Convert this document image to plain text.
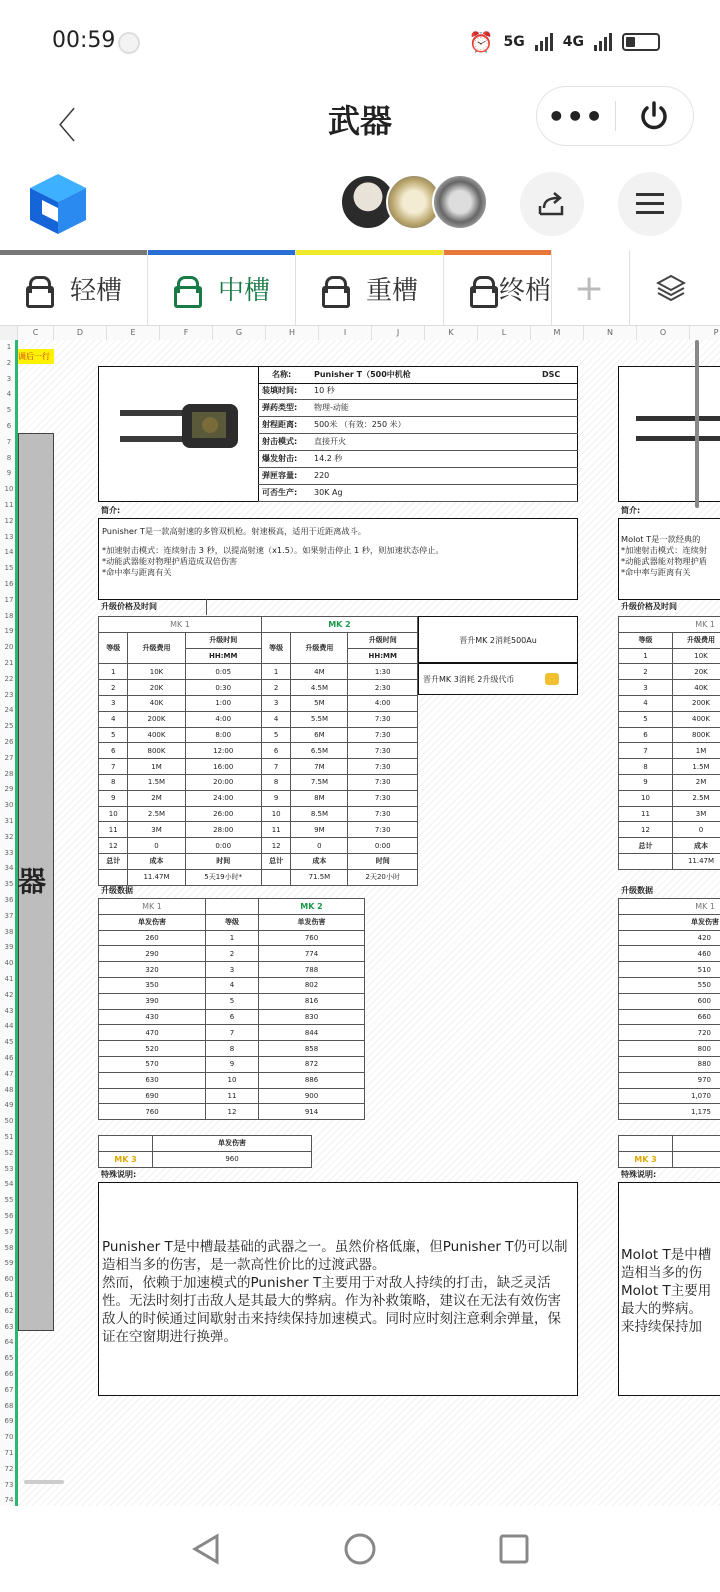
00:59	⏰ 5G	4G
〈	武器	•••
轻槽	中槽	重槽	终梢 +
C	D	E	F	G	H	I	J	K	L	M	N	O	P
1
2
3
4
5
6
7
8
9
10
11
12
13
14
15
16
17
18
19
20
21
22
23
24
25
26
27
28
29
30
31
32
33
34
35
36
37
38
39
40
41
42
43
44
45
46
47
48
49
50
51
52
53
54
55
56
57
58
59
60
61
62
63
64
65
66
67
68
69
70
71
72
73
74
调后一行
器
名称:	Punisher T（500中机枪	DSC
装填时间: 10 秒
弹药类型: 物理-动能
射程距离: 500米 （有效：250 米）
射击模式: 直接开火
爆发射击: 14.2 秒
弹匣容量: 220
可否生产: 30K Ag
简介:
Punisher T是一款高射速的多管双机枪。射速极高，适用于近距离战斗。
*加速射击模式：连续射击 3 秒，以提高射速（x1.5）。如果射击停止 1 秒，则加速状态停止。
*动能武器能对物理护盾造成双倍伤害
*命中率与距离有关
升级价格及时间
MK 1			MK 2		
等级	升级费用	升级时间	等级	升级费用	升级时间
		HH:MM			HH:MM
1	10K	0:05	1	4M	1:30
2	20K	0:30	2	4.5M	2:30
3	40K	1:00	3	5M	4:00
4	200K	4:00	4	5.5M	7:30
5	400K	8:00	5	6M	7:30
6	800K	12:00	6	6.5M	7:30
7	1M	16:00	7	7M	7:30
8	1.5M	20:00	8	7.5M	7:30
9	2M	24:00	9	8M	7:30
10	2.5M	26:00	10	8.5M	7:30
11	3M	28:00	11	9M	7:30
12	0	0:00	12	0	0:00
总计	成本	时间	总计	成本	时间
	11.47M	5天19小时*		71.5M	2天20小时
晋升MK 2消耗500Au
晋升MK 3消耗 2升级代币
升级数据
MK 1		MK 2
单发伤害	等级	单发伤害
260	1	760
290	2	774
320	3	788
350	4	802
390	5	816
430	6	830
470	7	844
520	8	858
570	9	872
630	10	886
690	11	900
760	12	914
	单发伤害
MK 3	960
特殊说明:
Punisher T是中槽最基础的武器之一。虽然价格低廉，但Punisher T仍可以制造相当多的伤害，是一款高性价比的过渡武器。
然而，依赖于加速模式的Punisher T主要用于对敌人持续的打击，缺乏灵活性。无法时刻打击敌人是其最大的弊病。作为补救策略，建议在无法有效伤害敌人的时候通过间歇射击来持续保持加速模式。同时应时刻注意剩余弹量，保证在空窗期进行换弹。
简介:
Molot T是一款经典的
*加速射击模式：连续射
*动能武器能对物理护盾
*命中率与距离有关
升级价格及时间
MK 1	
等级	升级费用

1	10K
2	20K
3	40K
4	200K
5	400K
6	800K
7	1M
8	1.5M
9	2M
10	2.5M
11	3M
12	0
总计	成本
	11.47M
升级数据
MK 1
单发伤害
420
460
510
550
600
660
720
800
880
970
1,070
1,175

MK 3	
特殊说明:
Molot T是中槽
造相当多的伤
Molot T主要用
最大的弊病。
来持续保持加
